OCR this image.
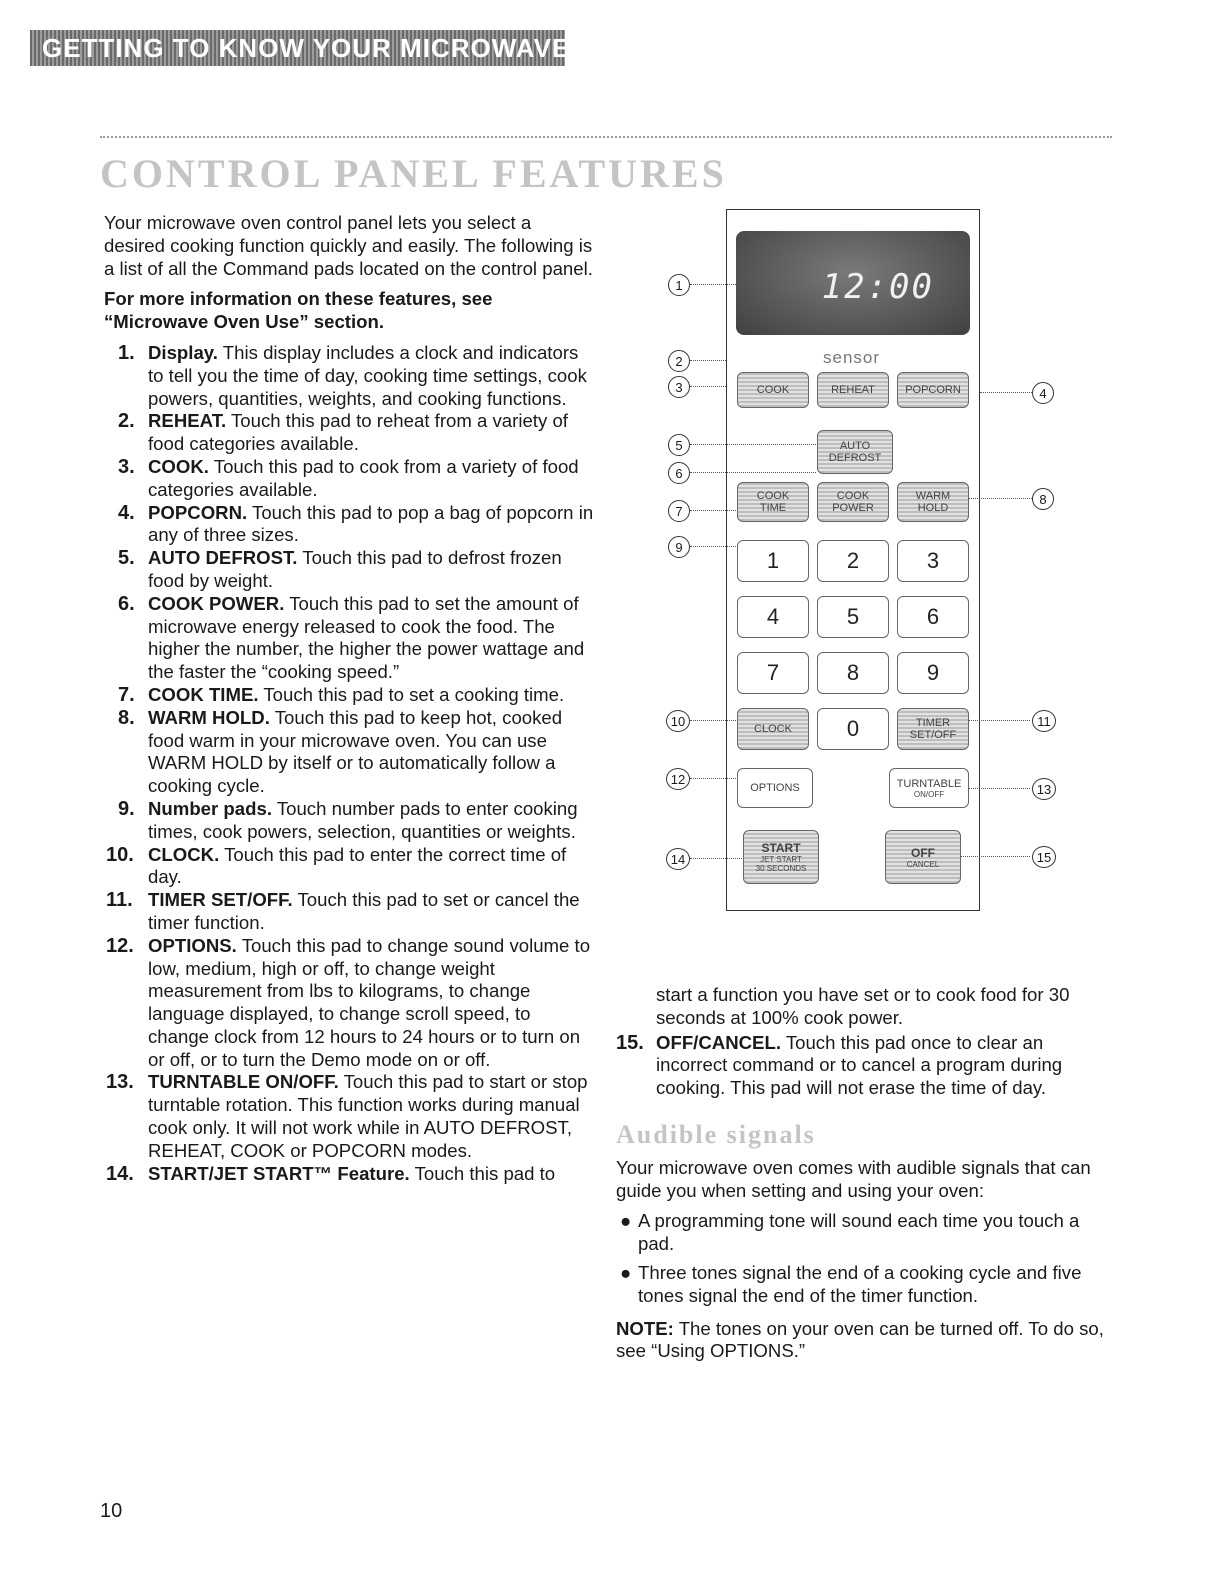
GETTING TO KNOW YOUR MICROWAVE OVEN
CONTROL PANEL FEATURES

Your microwave oven control panel lets you select a desired cooking function quickly and easily. The following is a list of all the Command pads located on the control panel.

For more information on these features, see “Microwave Oven Use” section.

1. Display. This display includes a clock and indicators to tell you the time of day, cooking time settings, cook powers, quantities, weights, and cooking functions.
2. REHEAT. Touch this pad to reheat from a variety of food categories available.
3. COOK. Touch this pad to cook from a variety of food categories available.
4. POPCORN. Touch this pad to pop a bag of popcorn in any of three sizes.
5. AUTO DEFROST. Touch this pad to defrost frozen food by weight.
6. COOK POWER. Touch this pad to set the amount of microwave energy released to cook the food. The higher the number, the higher the power wattage and the faster the “cooking speed.”
7. COOK TIME. Touch this pad to set a cooking time.
8. WARM HOLD. Touch this pad to keep hot, cooked food warm in your microwave oven. You can use WARM HOLD by itself or to automatically follow a cooking cycle.
9. Number pads. Touch number pads to enter cooking times, cook powers, selection, quantities or weights.
10. CLOCK. Touch this pad to enter the correct time of day.
11. TIMER SET/OFF. Touch this pad to set or cancel the timer function.
12. OPTIONS. Touch this pad to change sound volume to low, medium, high or off, to change weight measurement from lbs to kilograms, to change language displayed, to change scroll speed, to change clock from 12 hours to 24 hours or to turn on or off, or to turn the Demo mode on or off.
13. TURNTABLE ON/OFF. Touch this pad to start or stop turntable rotation. This function works during manual cook only. It will not work while in AUTO DEFROST, REHEAT, COOK or POPCORN modes.
14. START/JET START™ Feature. Touch this pad to
start a function you have set or to cook food for 30 seconds at 100% cook power.
15. OFF/CANCEL. Touch this pad once to clear an incorrect command or to cancel a program during cooking. This pad will not erase the time of day.
Audible signals

Your microwave oven comes with audible signals that can guide you when setting and using your oven:

● A programming tone will sound each time you touch a pad.
● Three tones signal the end of a cooking cycle and five tones signal the end of the timer function.

NOTE: The tones on your oven can be turned off. To do so, see “Using OPTIONS.”

10
12:00
sensor
COOK	REHEAT	POPCORN
AUTO
DEFROST
COOK
TIME
COOK
POWER
WARM
HOLD
1	2	3
4	5	6
7	8	9
CLOCK	0	TIMER
SET/OFF
OPTIONS	TURNTABLE
ON/OFF
START
JET START
30 SECONDS
OFF
CANCEL
1
2
3	4
5
6
7
8
9
10	11
12
13
14	15
